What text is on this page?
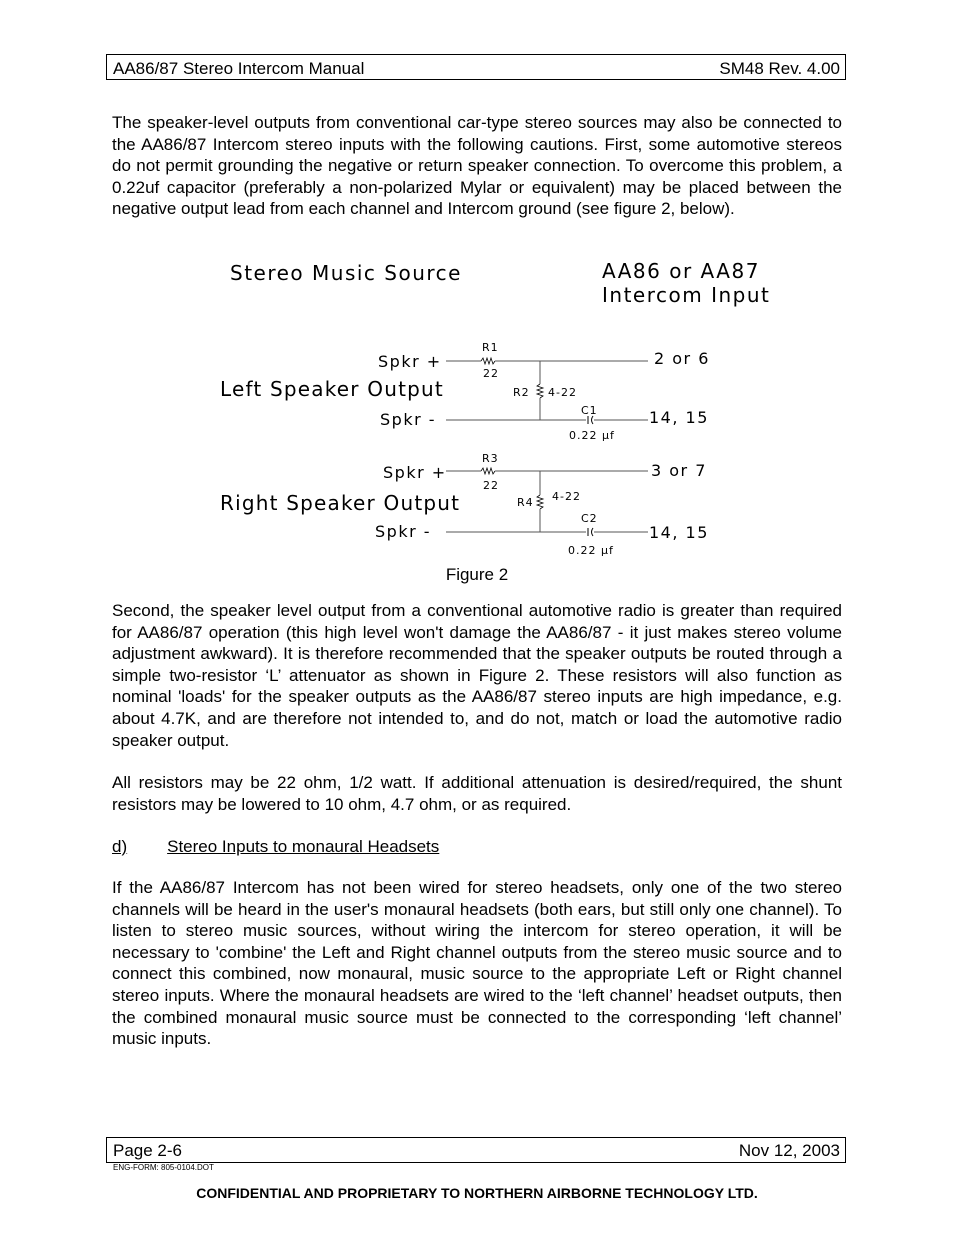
AA86/87 Stereo Intercom Manual	SM48 Rev. 4.00

The speaker-level outputs from conventional car-type stereo sources may also be connected to the AA86/87 Intercom stereo inputs with the following cautions. First, some automotive stereos do not permit grounding the negative or return speaker connection. To overcome this problem, a 0.22uf capacitor (preferably a non-polarized Mylar or equivalent) may be placed between the negative output lead from each channel and Intercom ground (see figure 2, below).

Stereo Music Source	AA86 or AA87
Intercom Input
Spkr +
Left Speaker Output
Spkr -
R1
22
R2 4-22
C1
0.22 µf
2 or 6
14, 15
Spkr +
Right Speaker Output
Spkr -
R3
22
R4 4-22
C2
0.22 µf
3 or 7
14, 15
Figure 2

Second, the speaker level output from a conventional automotive radio is greater than required for AA86/87 operation (this high level won't damage the AA86/87 - it just makes stereo volume adjustment awkward). It is therefore recommended that the speaker outputs be routed through a simple two-resistor ‘L’ attenuator as shown in Figure 2. These resistors will also function as nominal 'loads' for the speaker outputs as the AA86/87 stereo inputs are high impedance, e.g. about 4.7K, and are therefore not intended to, and do not, match or load the automotive radio speaker output.

All resistors may be 22 ohm, 1/2 watt. If additional attenuation is desired/required, the shunt resistors may be lowered to 10 ohm, 4.7 ohm, or as required.

d) Stereo Inputs to monaural Headsets

If the AA86/87 Intercom has not been wired for stereo headsets, only one of the two stereo channels will be heard in the user's monaural headsets (both ears, but still only one channel). To listen to stereo music sources, without wiring the intercom for stereo operation, it will be necessary to 'combine' the Left and Right channel outputs from the stereo music source and to connect this combined, now monaural, music source to the appropriate Left or Right channel stereo inputs. Where the monaural headsets are wired to the ‘left channel’ headset outputs, then the combined monaural music source must be connected to the corresponding ‘left channel’ music inputs.

Page 2-6	Nov 12, 2003
ENG-FORM: 805-0104.DOT
CONFIDENTIAL AND PROPRIETARY TO NORTHERN AIRBORNE TECHNOLOGY LTD.
